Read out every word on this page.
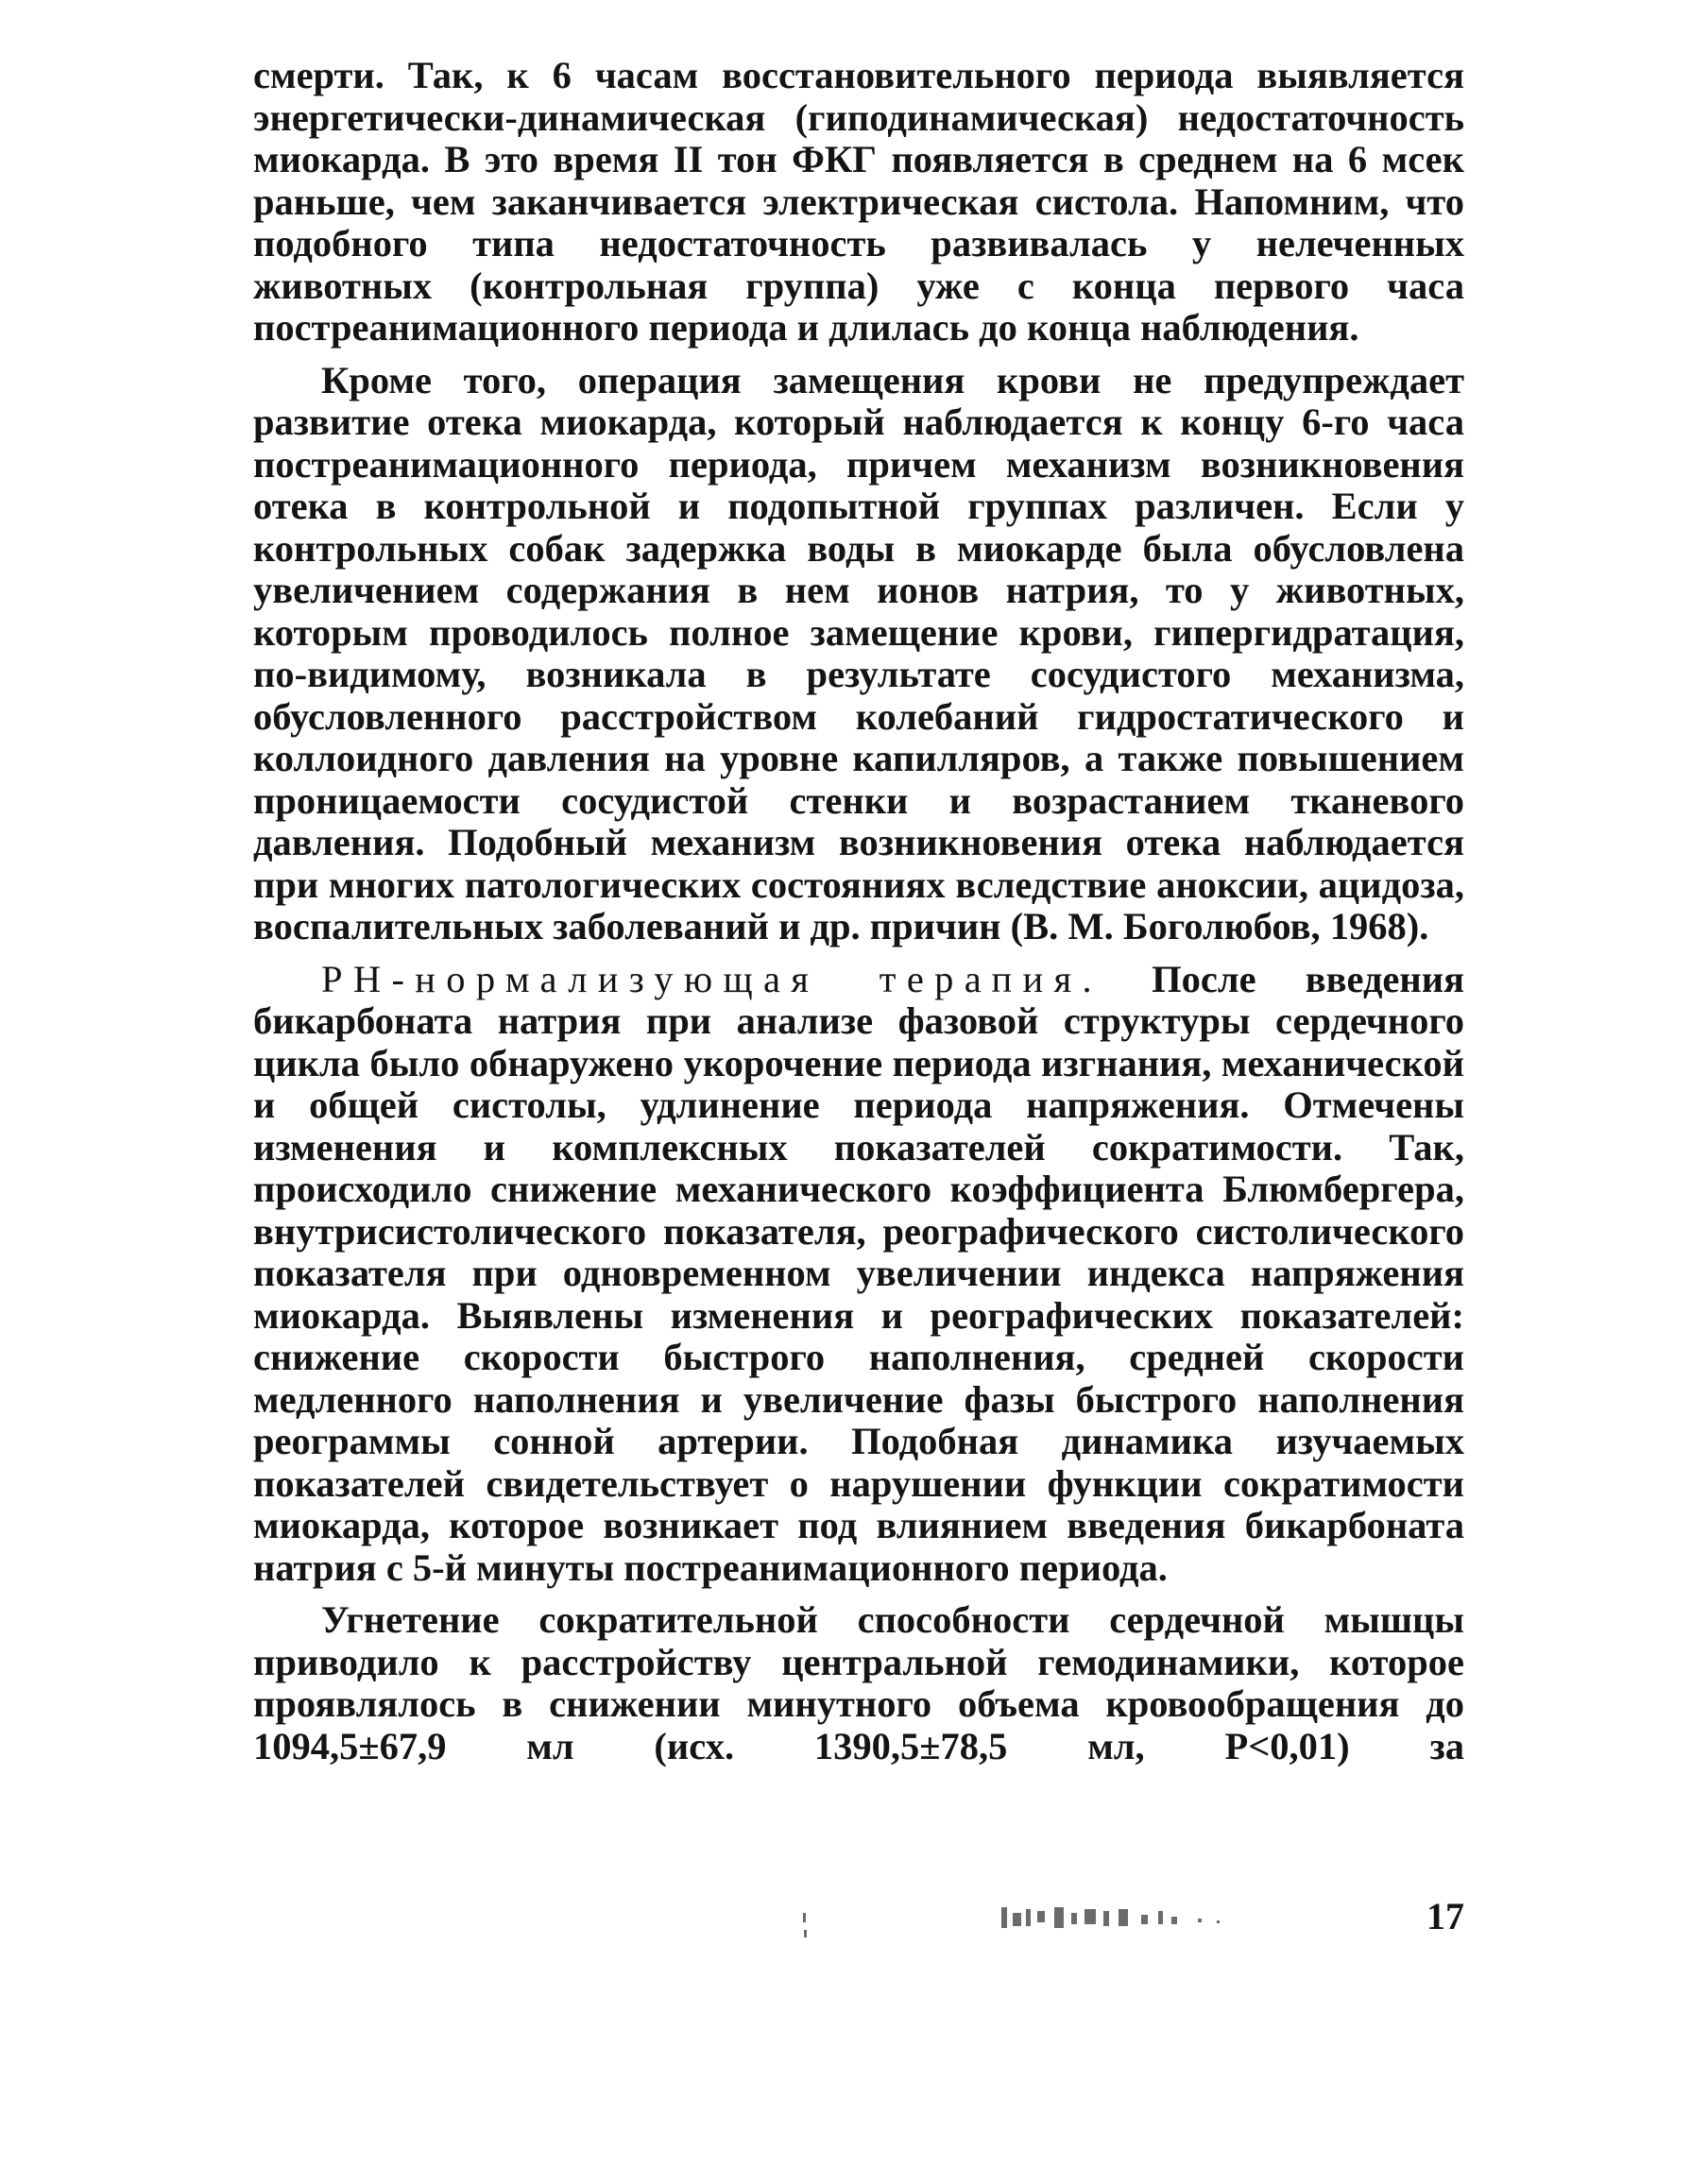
смерти. Так, к 6 часам восстановительного периода выявляется энергетически-динамическая (гиподинамическая) недостаточность миокарда. В это время II тон ФКГ появляется в среднем на 6 мсек раньше, чем заканчивается электрическая систола. Напомним, что подобного типа недостаточность развивалась у нелеченных животных (контрольная группа) уже с конца первого часа постреанимационного периода и длилась до конца наблюдения.

Кроме того, операция замещения крови не предупреждает развитие отека миокарда, который наблюдается к концу 6-го часа постреанимационного периода, причем механизм возникновения отека в контрольной и подопытной группах различен. Если у контрольных собак задержка воды в миокарде была обусловлена увеличением содержания в нем ионов натрия, то у животных, которым проводилось полное замещение крови, гипергидратация, по-видимому, возникала в результате сосудистого механизма, обусловленного расстройством колебаний гидростатического и коллоидного давления на уровне капилляров, а также повышением проницаемости сосудистой стенки и возрастанием тканевого давления. Подобный механизм возникновения отека наблюдается при многих патологических состояниях вследствие аноксии, ацидоза, воспалительных заболеваний и др. причин (В. М. Боголюбов, 1968).

PH-нормализующая терапия. После введения бикарбоната натрия при анализе фазовой структуры сердечного цикла было обнаружено укорочение периода изгнания, механической и общей систолы, удлинение периода напряжения. Отмечены изменения и комплексных показателей сократимости. Так, происходило снижение механического коэффициента Блюмбергера, внутрисистолического показателя, реографического систолического показателя при одновременном увеличении индекса напряжения миокарда. Выявлены изменения и реографических показателей: снижение скорости быстрого наполнения, средней скорости медленного наполнения и увеличение фазы быстрого наполнения реограммы сонной артерии. Подобная динамика изучаемых показателей свидетельствует о нарушении функции сократимости миокарда, которое возникает под влиянием введения бикарбоната натрия с 5-й минуты постреанимационного периода.

Угнетение сократительной способности сердечной мышцы приводило к расстройству центральной гемодинамики, которое проявлялось в снижении минутного объема кровообращения до 1094,5±67,9 мл (исх. 1390,5±78,5 мл, P<0,01) за

17
